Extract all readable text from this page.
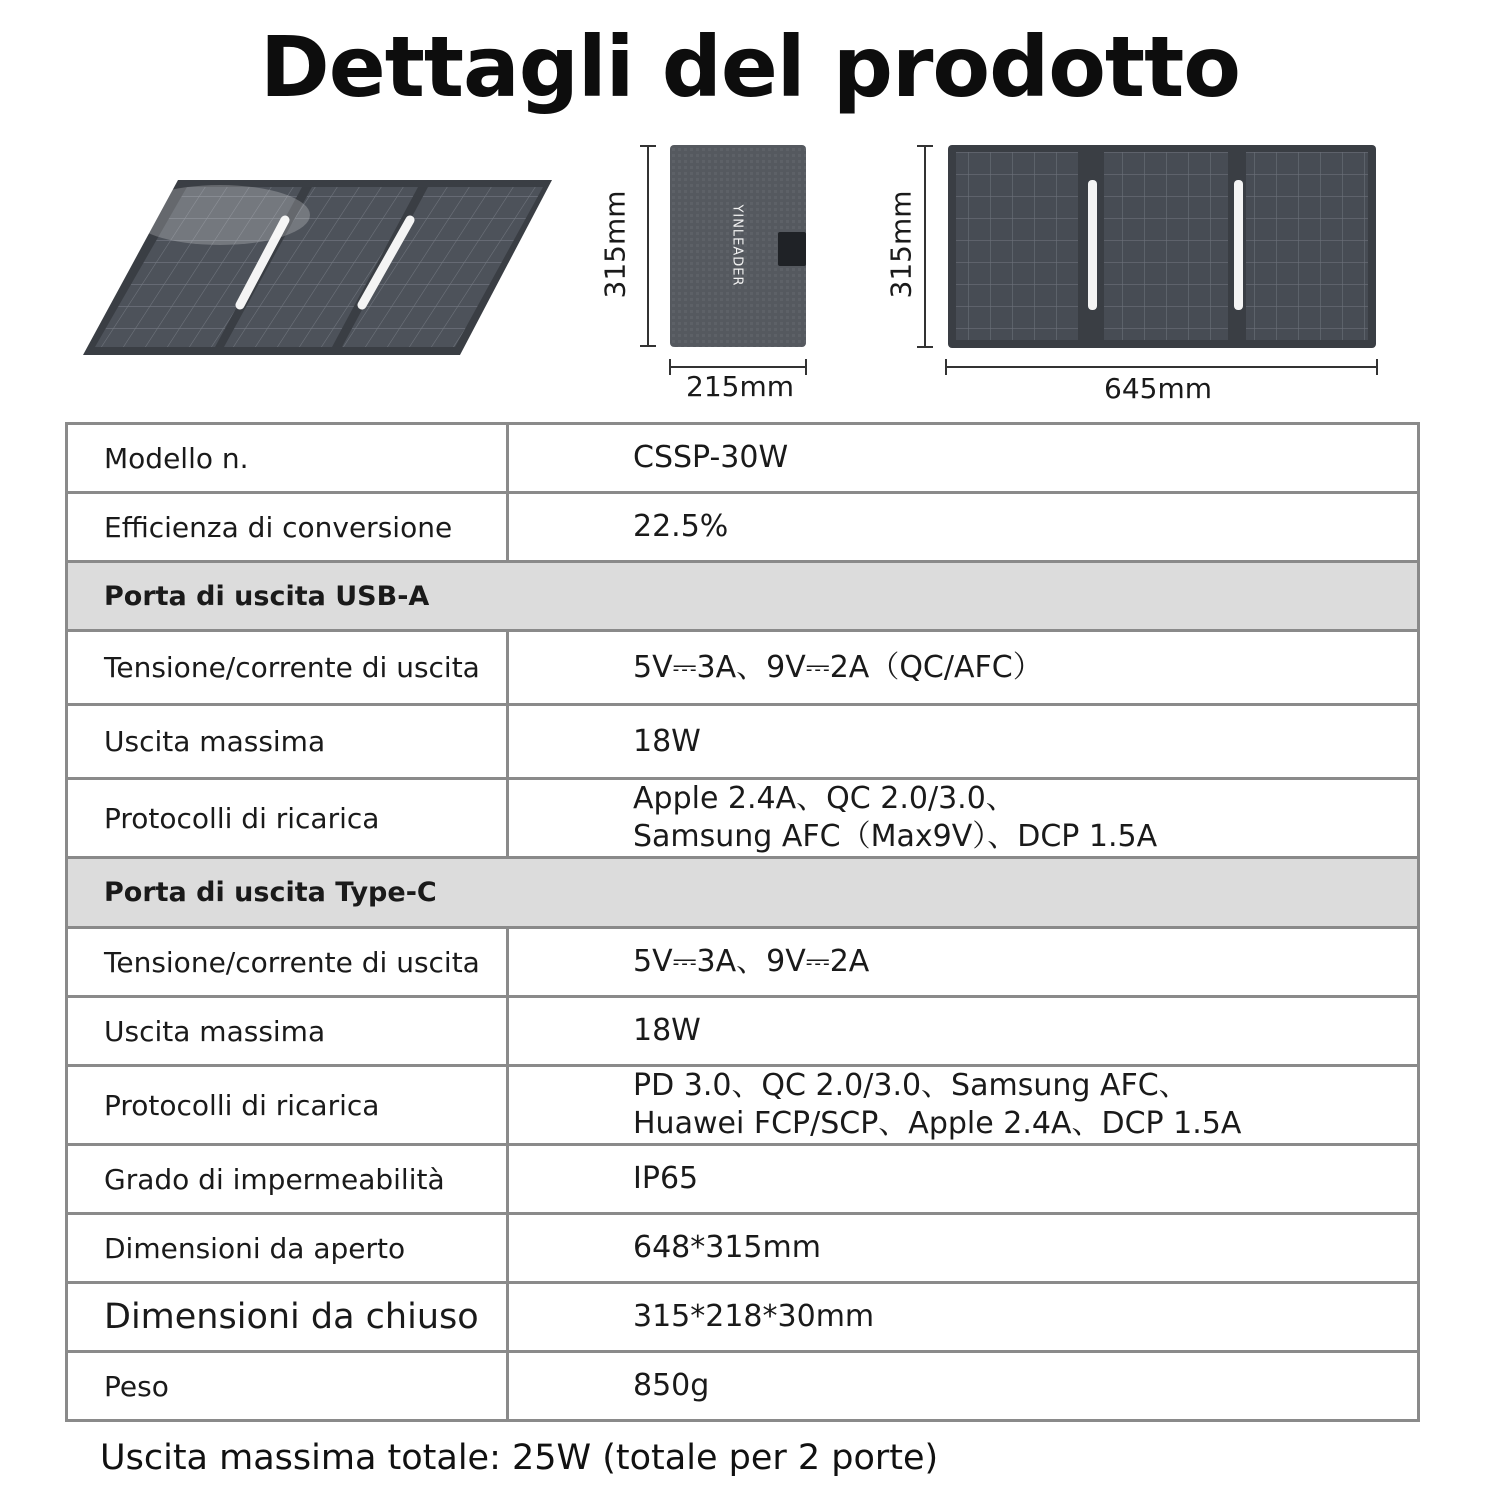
Dettagli del prodotto
YINLEADER
315mm
215mm
315mm
645mm
Modello n.	CSSP-30W
Efficienza di conversione	22.5%
Porta di uscita USB-A	
Tensione/corrente di uscita	5V⎓3A、9V⎓2A（QC/AFC）
Uscita massima	18W
Protocolli di ricarica	Apple 2.4A、QC 2.0/3.0、
Samsung AFC（Max9V）、DCP 1.5A

Porta di uscita Type-C	
Tensione/corrente di uscita	5V⎓3A、9V⎓2A
Uscita massima	18W
Protocolli di ricarica	PD 3.0、QC 2.0/3.0、Samsung AFC、
Huawei FCP/SCP、Apple 2.4A、DCP 1.5A

Grado di impermeabilità	IP65
Dimensioni da aperto	648*315mm
Dimensioni da chiuso	315*218*30mm
Peso	850g
Uscita massima totale: 25W (totale per 2 porte)
